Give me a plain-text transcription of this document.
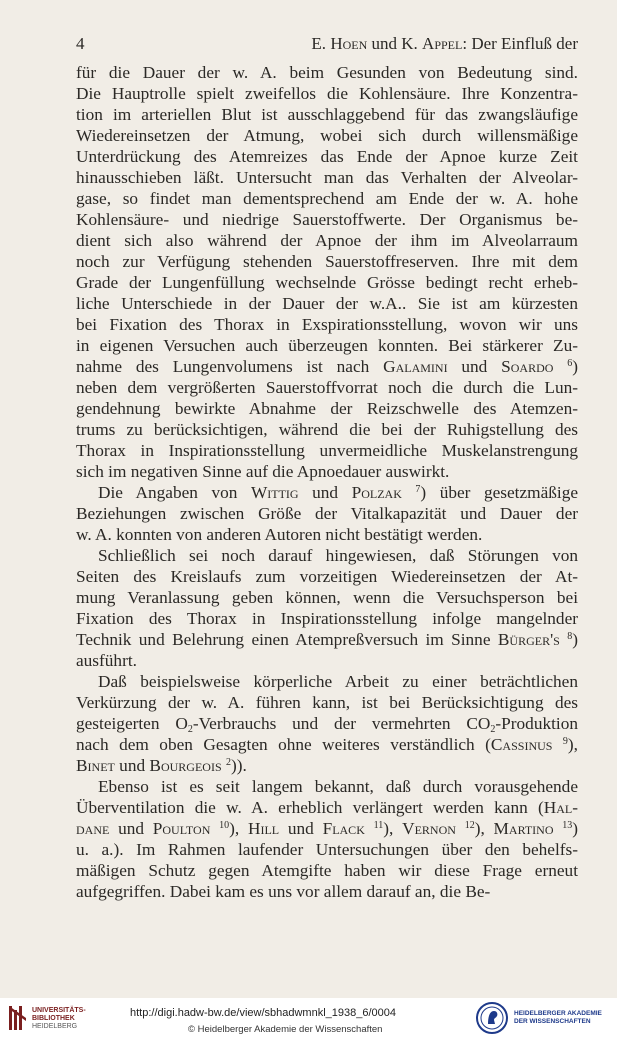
4	E. Hoen und K. Appel: Der Einfluß der
für die Dauer der w. A. beim Gesunden von Bedeutung sind.
Die Hauptrolle spielt zweifellos die Kohlensäure. Ihre Konzentra-
tion im arteriellen Blut ist ausschlaggebend für das zwangsläufige
Wiedereinsetzen der Atmung, wobei sich durch willensmäßige
Unterdrückung des Atemreizes das Ende der Apnoe kurze Zeit
hinausschieben läßt. Untersucht man das Verhalten der Alveolar-
gase, so findet man dementsprechend am Ende der w. A. hohe
Kohlensäure- und niedrige Sauerstoffwerte. Der Organismus be-
dient sich also während der Apnoe der ihm im Alveolarraum
noch zur Verfügung stehenden Sauerstoffreserven. Ihre mit dem
Grade der Lungenfüllung wechselnde Grösse bedingt recht erheb-
liche Unterschiede in der Dauer der w.A.. Sie ist am kürzesten
bei Fixation des Thorax in Exspirationsstellung, wovon wir uns
in eigenen Versuchen auch überzeugen konnten. Bei stärkerer Zu-
nahme des Lungenvolumens ist nach Galamini und Soardo $^6$)
neben dem vergrößerten Sauerstoffvorrat noch die durch die Lun-
gendehnung bewirkte Abnahme der Reizschwelle des Atemzen-
trums zu berücksichtigen, während die bei der Ruhigstellung des
Thorax in Inspirationsstellung unvermeidliche Muskelanstrengung
sich im negativen Sinne auf die Apnoedauer auswirkt.
Die Angaben von Wittig und Polzak $^7$) über gesetzmäßige
Beziehungen zwischen Größe der Vitalkapazität und Dauer der
w. A. konnten von anderen Autoren nicht bestätigt werden.
Schließlich sei noch darauf hingewiesen, daß Störungen von
Seiten des Kreislaufs zum vorzeitigen Wiedereinsetzen der At-
mung Veranlassung geben können, wenn die Versuchsperson bei
Fixation des Thorax in Inspirationsstellung infolge mangelnder
Technik und Belehrung einen Atempreßversuch im Sinne Bürger's $^8$)
ausführt.
Daß beispielsweise körperliche Arbeit zu einer beträchtlichen
Verkürzung der w. A. führen kann, ist bei Berücksichtigung des
gesteigerten $O_2$-Verbrauchs und der vermehrten $CO_2$-Produktion
nach dem oben Gesagten ohne weiteres verständlich (Cassinus $^9$),
Binet und Bourgeois $^2$)).
Ebenso ist es seit langem bekannt, daß durch vorausgehende
Überventilation die w. A. erheblich verlängert werden kann (Hal-
dane und Poulton $^{10}$), Hill und Flack $^{11}$), Vernon $^{12}$), Martino $^{13}$)
u. a.). Im Rahmen laufender Untersuchungen über den behelfs-
mäßigen Schutz gegen Atemgifte haben wir diese Frage erneut
aufgegriffen. Dabei kam es uns vor allem darauf an, die Be-
UNIVERSITÄTS-
BIBLIOTHEK
HEIDELBERG
http://digi.hadw-bw.de/view/sbhadwmnkl_1938_6/0004
© Heidelberger Akademie der Wissenschaften
HEIDELBERGER AKADEMIE
DER WISSENSCHAFTEN
